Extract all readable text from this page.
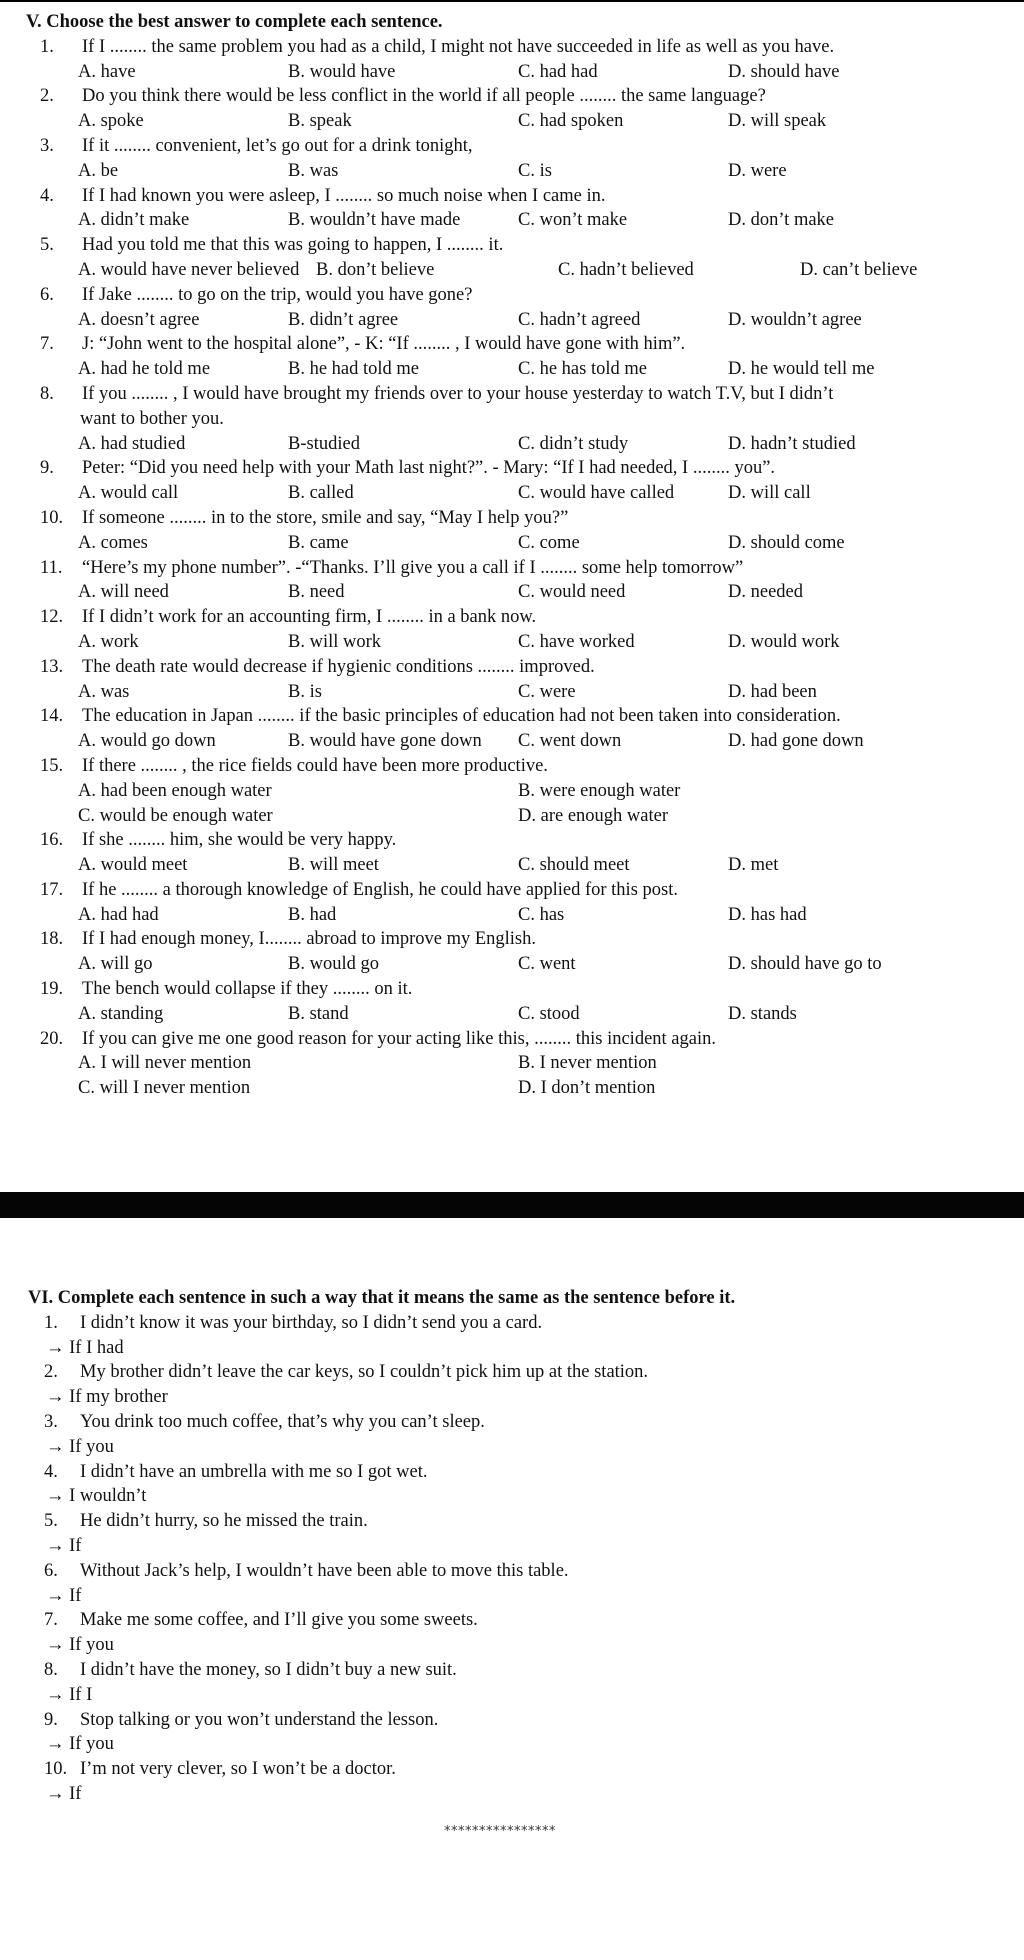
V. Choose the best answer to complete each sentence.

1. If I ........ the same problem you had as a child, I might not have succeeded in life as well as you have.
A. have	B. would have	C. had had	D. should have
2. Do you think there would be less conflict in the world if all people ........ the same language?
A. spoke	B. speak	C. had spoken	D. will speak
3. If it ........ convenient, let’s go out for a drink tonight,
A. be	B. was	C. is	D. were
4. If I had known you were asleep, I ........ so much noise when I came in.
A. didn’t make	B. wouldn’t have made	C. won’t make	D. don’t make
5. Had you told me that this was going to happen, I ........ it.
A. would have never believed B. don’t believe	C. hadn’t believed	D. can’t believe
6. If Jake ........ to go on the trip, would you have gone?
A. doesn’t agree	B. didn’t agree	C. hadn’t agreed	D. wouldn’t agree
7. J: “John went to the hospital alone”, - K: “If ........ , I would have gone with him”.
A. had he told me	B. he had told me	C. he has told me	D. he would tell me
8. If you ........ , I would have brought my friends over to your house yesterday to watch T.V, but I didn’t
want to bother you.
A. had studied	B-studied	C. didn’t study	D. hadn’t studied
9. Peter: “Did you need help with your Math last night?”. - Mary: “If I had needed, I ........ you”.
A. would call	B. called	C. would have called	D. will call
10. If someone ........ in to the store, smile and say, “May I help you?”
A. comes	B. came	C. come	D. should come
11. “Here’s my phone number”. -“Thanks. I’ll give you a call if I ........ some help tomorrow”
A. will need	B. need	C. would need	D. needed
12. If I didn’t work for an accounting firm, I ........ in a bank now.
A. work	B. will work	C. have worked	D. would work
13. The death rate would decrease if hygienic conditions ........ improved.
A. was	B. is	C. were	D. had been
14. The education in Japan ........ if the basic principles of education had not been taken into consideration.
A. would go down	B. would have gone down C. went down	D. had gone down
15. If there ........ , the rice fields could have been more productive.
A. had been enough water	B. were enough water
C. would be enough water	D. are enough water
16. If she ........ him, she would be very happy.
A. would meet	B. will meet	C. should meet	D. met
17. If he ........ a thorough knowledge of English, he could have applied for this post.
A. had had	B. had	C. has	D. has had
18. If I had enough money, I........ abroad to improve my English.
A. will go	B. would go	C. went	D. should have go to
19. The bench would collapse if they ........ on it.
A. standing	B. stand	C. stood	D. stands
20. If you can give me one good reason for your acting like this, ........ this incident again.
A. I will never mention	B. I never mention
C. will I never mention	D. I don’t mention

VI. Complete each sentence in such a way that it means the same as the sentence before it.

1. I didn’t know it was your birthday, so I didn’t send you a card.
→ If I had
2. My brother didn’t leave the car keys, so I couldn’t pick him up at the station.
→ If my brother
3. You drink too much coffee, that’s why you can’t sleep.
→ If you
4. I didn’t have an umbrella with me so I got wet.
→ I wouldn’t
5. He didn’t hurry, so he missed the train.
→ If
6. Without Jack’s help, I wouldn’t have been able to move this table.
→ If
7. Make me some coffee, and I’ll give you some sweets.
→ If you
8. I didn’t have the money, so I didn’t buy a new suit.
→ If I
9. Stop talking or you won’t understand the lesson.
→ If you
10. I’m not very clever, so I won’t be a doctor.
→ If
****************
